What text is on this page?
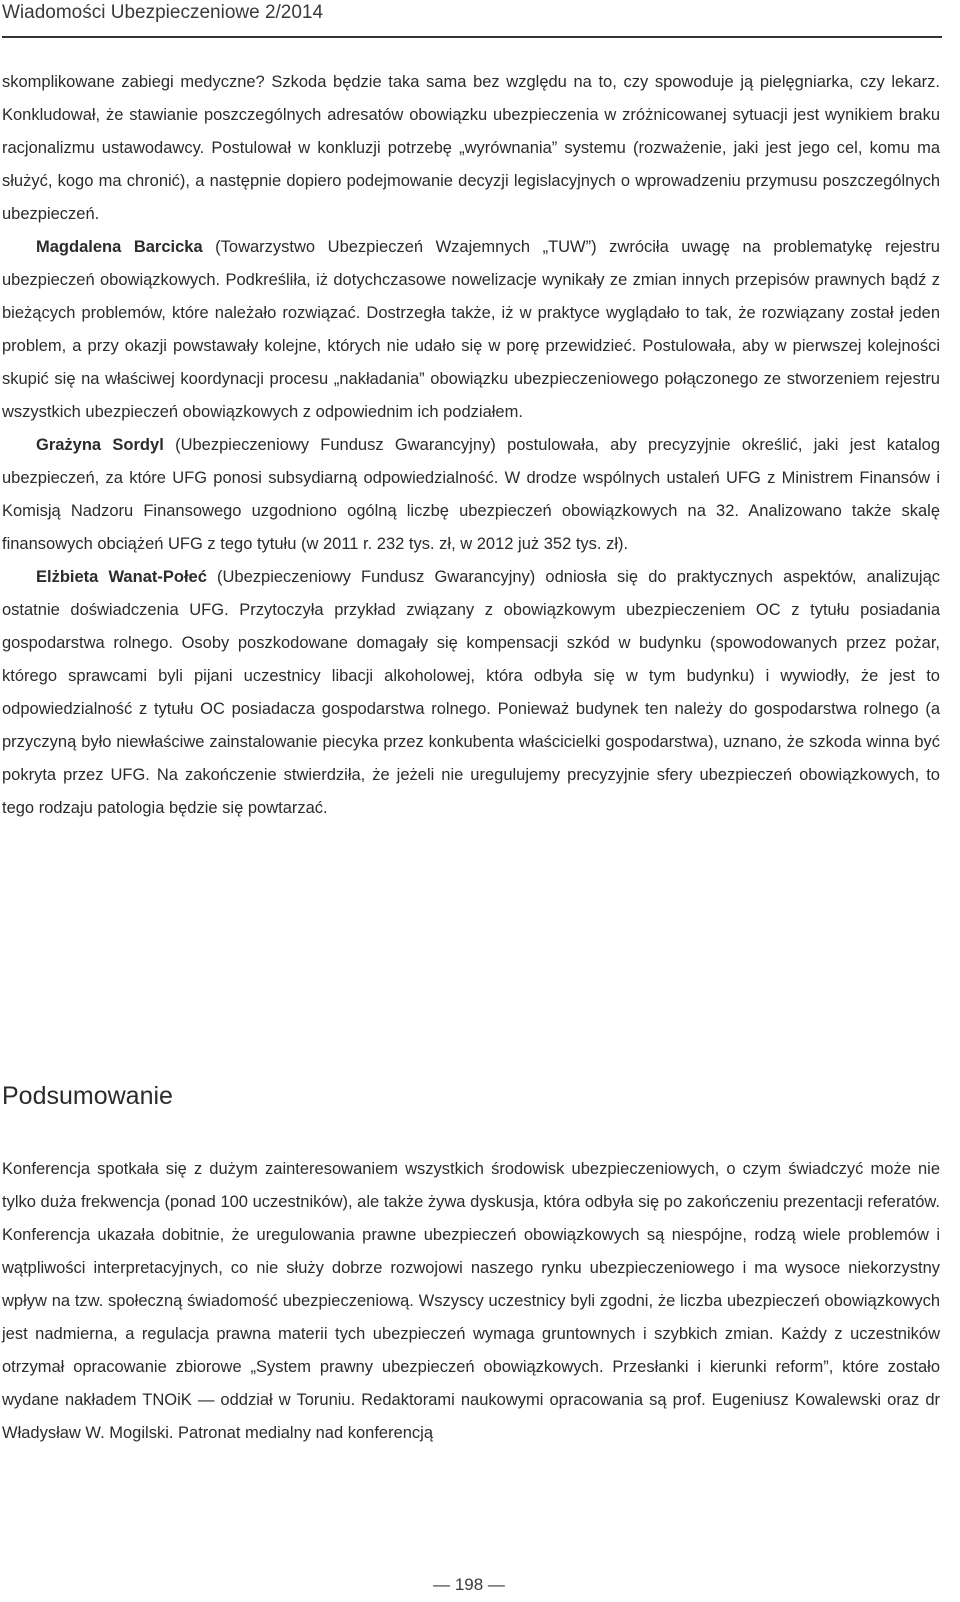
Wiadomości Ubezpieczeniowe 2/2014

skomplikowane zabiegi medyczne? Szkoda będzie taka sama bez względu na to, czy spowoduje ją pielęgniarka, czy lekarz. Konkludował, że stawianie poszczególnych adresatów obowiązku ubezpieczenia w zróżnicowanej sytuacji jest wynikiem braku racjonalizmu ustawodawcy. Postulował w konkluzji potrzebę „wyrównania” systemu (rozważenie, jaki jest jego cel, komu ma służyć, kogo ma chronić), a następnie dopiero podejmowanie decyzji legislacyjnych o wprowadzeniu przymusu poszczególnych ubezpieczeń.

Magdalena Barcicka (Towarzystwo Ubezpieczeń Wzajemnych „TUW”) zwróciła uwagę na problematykę rejestru ubezpieczeń obowiązkowych. Podkreśliła, iż dotychczasowe nowelizacje wynikały ze zmian innych przepisów prawnych bądź z bieżących problemów, które należało rozwiązać. Dostrzegła także, iż w praktyce wyglądało to tak, że rozwiązany został jeden problem, a przy okazji powstawały kolejne, których nie udało się w porę przewidzieć. Postulowała, aby w pierwszej kolejności skupić się na właściwej koordynacji procesu „nakładania” obowiązku ubezpieczeniowego połączonego ze stworzeniem rejestru wszystkich ubezpieczeń obowiązkowych z odpowiednim ich podziałem.

Grażyna Sordyl (Ubezpieczeniowy Fundusz Gwarancyjny) postulowała, aby precyzyjnie określić, jaki jest katalog ubezpieczeń, za które UFG ponosi subsydiarną odpowiedzialność. W drodze wspólnych ustaleń UFG z Ministrem Finansów i Komisją Nadzoru Finansowego uzgodniono ogólną liczbę ubezpieczeń obowiązkowych na 32. Analizowano także skalę finansowych obciążeń UFG z tego tytułu (w 2011 r. 232 tys. zł, w 2012 już 352 tys. zł).

Elżbieta Wanat-Połeć (Ubezpieczeniowy Fundusz Gwarancyjny) odniosła się do praktycznych aspektów, analizując ostatnie doświadczenia UFG. Przytoczyła przykład związany z obowiązkowym ubezpieczeniem OC z tytułu posiadania gospodarstwa rolnego. Osoby poszkodowane domagały się kompensacji szkód w budynku (spowodowanych przez pożar, którego sprawcami byli pijani uczestnicy libacji alkoholowej, która odbyła się w tym budynku) i wywiodły, że jest to odpowiedzialność z tytułu OC posiadacza gospodarstwa rolnego. Ponieważ budynek ten należy do gospodarstwa rolnego (a przyczyną było niewłaściwe zainstalowanie piecyka przez konkubenta właścicielki gospodarstwa), uznano, że szkoda winna być pokryta przez UFG. Na zakończenie stwierdziła, że jeżeli nie uregulujemy precyzyjnie sfery ubezpieczeń obowiązkowych, to tego rodzaju patologia będzie się powtarzać.

Podsumowanie

Konferencja spotkała się z dużym zainteresowaniem wszystkich środowisk ubezpieczeniowych, o czym świadczyć może nie tylko duża frekwencja (ponad 100 uczestników), ale także żywa dyskusja, która odbyła się po zakończeniu prezentacji referatów. Konferencja ukazała dobitnie, że uregulowania prawne ubezpieczeń obowiązkowych są niespójne, rodzą wiele problemów i wątpliwości interpretacyjnych, co nie służy dobrze rozwojowi naszego rynku ubezpieczeniowego i ma wysoce niekorzystny wpływ na tzw. społeczną świadomość ubezpieczeniową. Wszyscy uczestnicy byli zgodni, że liczba ubezpieczeń obowiązkowych jest nadmierna, a regulacja prawna materii tych ubezpieczeń wymaga gruntownych i szybkich zmian. Każdy z uczestników otrzymał opracowanie zbiorowe „System prawny ubezpieczeń obowiązkowych. Przesłanki i kierunki reform”, które zostało wydane nakładem TNOiK — oddział w Toruniu. Redaktorami naukowymi opracowania są prof. Eugeniusz Kowalewski oraz dr Władysław W. Mogilski. Patronat medialny nad konferencją

— 198 —
